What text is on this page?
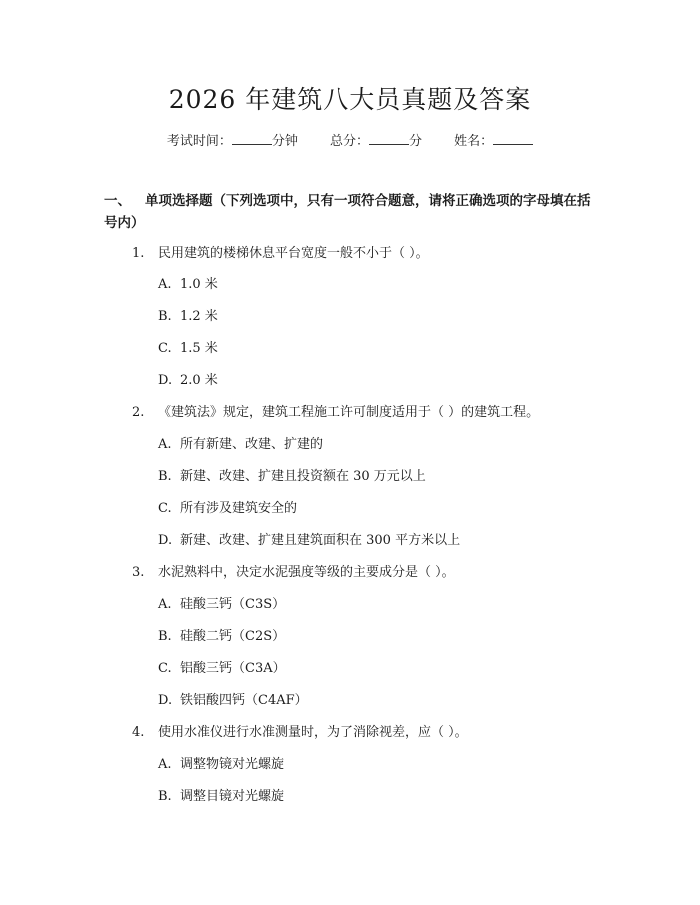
2026 年建筑八大员真题及答案
考试时间：	分钟 总分：	分 姓名：
一、 单项选择题（下列选项中，只有一项符合题意，请将正确选项的字母填在括
号内）
1. 民用建筑的楼梯休息平台宽度一般不小于（ ）。
A. 1.0 米
B. 1.2 米
C. 1.5 米
D. 2.0 米
2. 《建筑法》规定，建筑工程施工许可制度适用于（ ）的建筑工程。
A. 所有新建、改建、扩建的
B. 新建、改建、扩建且投资额在 30 万元以上
C. 所有涉及建筑安全的
D. 新建、改建、扩建且建筑面积在 300 平方米以上
3. 水泥熟料中，决定水泥强度等级的主要成分是（ ）。
A. 硅酸三钙（C3S）
B. 硅酸二钙（C2S）
C. 铝酸三钙（C3A）
D. 铁铝酸四钙（C4AF）
4. 使用水准仪进行水准测量时，为了消除视差，应（ ）。
A. 调整物镜对光螺旋
B. 调整目镜对光螺旋
